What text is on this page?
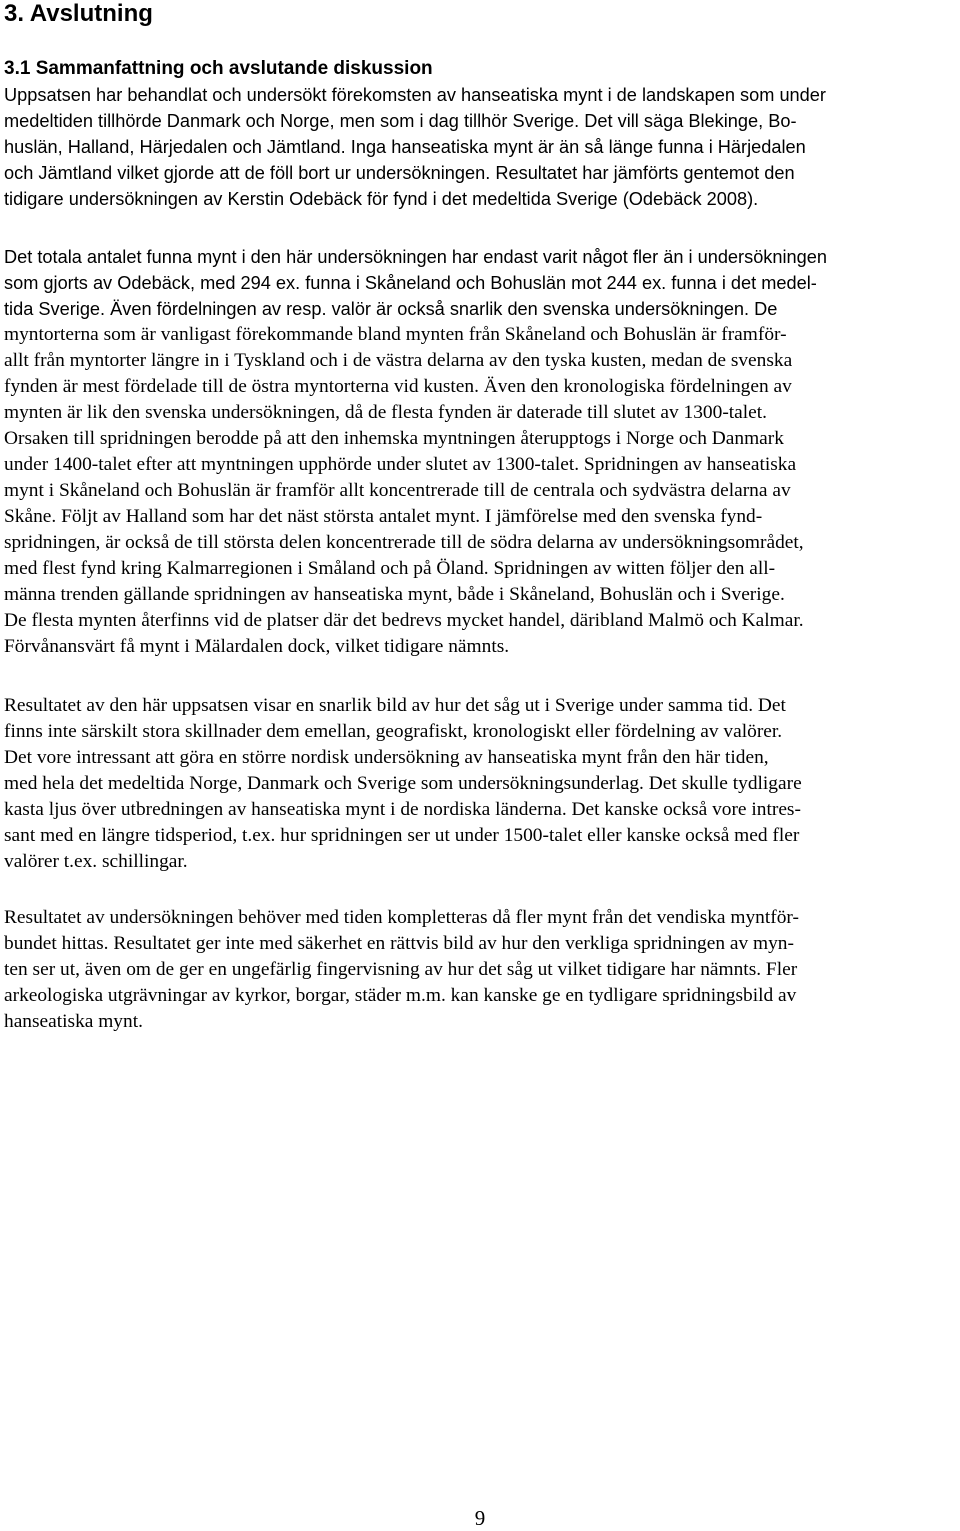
3. Avslutning
3.1 Sammanfattning och avslutande diskussion
Uppsatsen har behandlat och undersökt förekomsten av hanseatiska mynt i de landskapen som under
medeltiden tillhörde Danmark och Norge, men som i dag tillhör Sverige. Det vill säga Blekinge, Bo-
huslän, Halland, Härjedalen och Jämtland. Inga hanseatiska mynt är än så länge funna i Härjedalen
och Jämtland vilket gjorde att de föll bort ur undersökningen. Resultatet har jämförts gentemot den
tidigare undersökningen av Kerstin Odebäck för fynd i det medeltida Sverige (Odebäck 2008).
Det totala antalet funna mynt i den här undersökningen har endast varit något fler än i undersökningen
som gjorts av Odebäck, med 294 ex. funna i Skåneland och Bohuslän mot 244 ex. funna i det medel-
tida Sverige. Även fördelningen av resp. valör är också snarlik den svenska undersökningen. De
myntorterna som är vanligast förekommande bland mynten från Skåneland och Bohuslän är framför-
allt från myntorter längre in i Tyskland och i de västra delarna av den tyska kusten, medan de svenska
fynden är mest fördelade till de östra myntorterna vid kusten. Även den kronologiska fördelningen av
mynten är lik den svenska undersökningen, då de flesta fynden är daterade till slutet av 1300-talet.
Orsaken till spridningen berodde på att den inhemska myntningen återupptogs i Norge och Danmark
under 1400-talet efter att myntningen upphörde under slutet av 1300-talet. Spridningen av hanseatiska
mynt i Skåneland och Bohuslän är framför allt koncentrerade till de centrala och sydvästra delarna av
Skåne. Följt av Halland som har det näst största antalet mynt. I jämförelse med den svenska fynd-
spridningen, är också de till största delen koncentrerade till de södra delarna av undersökningsområdet,
med flest fynd kring Kalmarregionen i Småland och på Öland. Spridningen av witten följer den all-
männa trenden gällande spridningen av hanseatiska mynt, både i Skåneland, Bohuslän och i Sverige.
De flesta mynten återfinns vid de platser där det bedrevs mycket handel, däribland Malmö och Kalmar.
Förvånansvärt få mynt i Mälardalen dock, vilket tidigare nämnts.
Resultatet av den här uppsatsen visar en snarlik bild av hur det såg ut i Sverige under samma tid. Det
finns inte särskilt stora skillnader dem emellan, geografiskt, kronologiskt eller fördelning av valörer.
Det vore intressant att göra en större nordisk undersökning av hanseatiska mynt från den här tiden,
med hela det medeltida Norge, Danmark och Sverige som undersökningsunderlag. Det skulle tydligare
kasta ljus över utbredningen av hanseatiska mynt i de nordiska länderna. Det kanske också vore intres-
sant med en längre tidsperiod, t.ex. hur spridningen ser ut under 1500-talet eller kanske också med fler
valörer t.ex. schillingar.
Resultatet av undersökningen behöver med tiden kompletteras då fler mynt från det vendiska myntför-
bundet hittas. Resultatet ger inte med säkerhet en rättvis bild av hur den verkliga spridningen av myn-
ten ser ut, även om de ger en ungefärlig fingervisning av hur det såg ut vilket tidigare har nämnts. Fler
arkeologiska utgrävningar av kyrkor, borgar, städer m.m. kan kanske ge en tydligare spridningsbild av
hanseatiska mynt.
9
